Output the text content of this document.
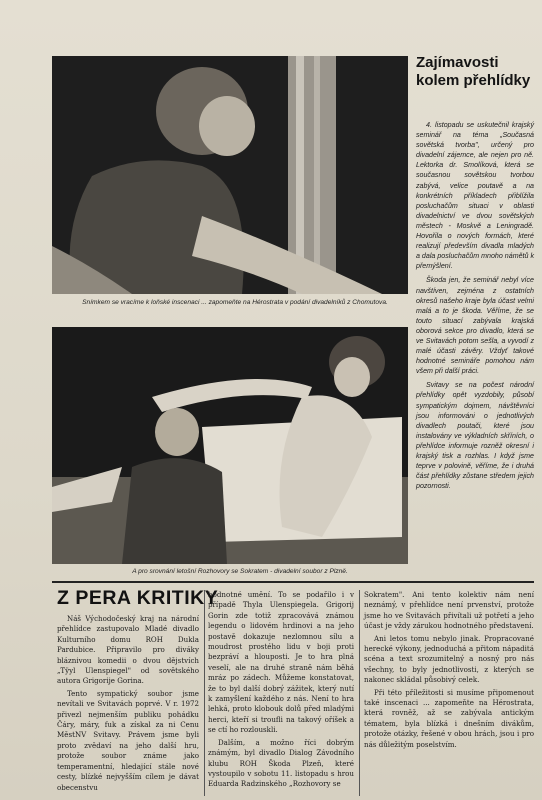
Snímkem se vracíme k loňské inscenaci ... zapomeňte na Hérostrata v podání divadelníků z Chomutova.
A pro srovnání letošní Rozhovory se Sokratem - divadelní soubor z Plzně.
Zajímavosti kolem přehlídky

4. listopadu se uskutečnil krajský seminář na téma „Současná sovětská tvorba", určený pro divadelní zájemce, ale nejen pro ně. Lektorka dr. Smolíková, která se současnou sovětskou tvorbou zabývá, velice poutavě a na konkrétních příkladech přiblížila posluchačům situaci v oblasti divadelnictví ve dvou sovětských městech - Moskvě a Leningradě. Hovořila o nových formách, které realizují především divadla mladých a dala posluchačům mnoho námětů k přemýšlení.

Škoda jen, že seminář nebyl více navštíven, zejména z ostatních okresů našeho kraje byla účast velmi malá a to je škoda. Věříme, že se touto situací zabývala krajská oborová sekce pro divadlo, která se ve Svitavách potom sešla, a vyvodí z malé účasti závěry. Vždyť takové hodnotné semináře pomohou nám všem při další práci.

Svitavy se na počest národní přehlídky opět vyzdobily, působí sympatickým dojmem, návštěvníci jsou informováni o jednotlivých divadlech poutači, které jsou instalovány ve výkladních skříních, o přehlídce informuje rozněž okresní i krajský tisk a rozhlas. I když jsme teprve v polovině, věříme, že i druhá část přehlídky zůstane středem jejich pozornosti.

Z PERA KRITIKY

Náš Východočeský kraj na národní přehlídce zastupovalo Mladé divadlo Kulturního domu ROH Dukla Pardubice. Připravilo pro diváky bláznivou komedii o dvou dějstvích „Tÿyl Ulenspiegel" od sovětského autora Grigorije Gorina.

Tento sympatický soubor jsme nevítali ve Svitavách poprvé. V r. 1972 přivezl nejmenším publiku pohádku Čáry, máry, fuk a získal za ni Cenu MěstNV Svitavy. Právem jsme byli proto zvědaví na jeho další hru, protože soubor známe jako temperamentní, hledající stále nové cesty, blízké nejvyšším cílem je dávat obecenstvu

hodnotné umění. To se podařilo i v případě Thyla Ulenspiegela. Grigorij Gorin zde totiž zpracovává známou legendu o lidovém hrdinovi a na jeho postavě dokazuje nezlomnou sílu a moudrost prostého lidu v boji proti bezpráví a hlouposti. Je to hra plná veselí, ale na druhé straně nám běhá mráz po zádech. Můžeme konstatovat, že to byl další dobrý zážitek, který nutí k zamyšlení každého z nás. Není to hra lehká, proto klobouk dolů před mladými herci, kteří si troufli na takový oříšek a se ctí ho rozlouskli.

Dalším, a možno říci dobrým známým, byl divadlo Dialog Závodního klubu ROH Škoda Plzeň, které vystoupilo v sobotu 11. listopadu s hrou Eduarda Radzinského „Rozhovory se

Sokratem". Ani tento kolektiv nám není neznámý, v přehlídce není prvenství, protože jsme ho ve Svitavách přivítali už potřetí a jeho účast je vždy zárukou hodnotného představení.

Ani letos tomu nebylo jinak. Propracované herecké výkony, jednoduchá a přitom nápaditá scéna a text srozumitelný a nosný pro nás všechny, to byly jednotlivosti, z kterých se nakonec skládal působivý celek.

Při této příležitosti si musíme připomenout také inscenaci ... zapomeňte na Hérostrata, která rovněž, až se zabývala antickým tématem, byla blízká i dnešním divákům, protože otázky, řešené v obou hrách, jsou i pro nás důležitým poselstvím.
